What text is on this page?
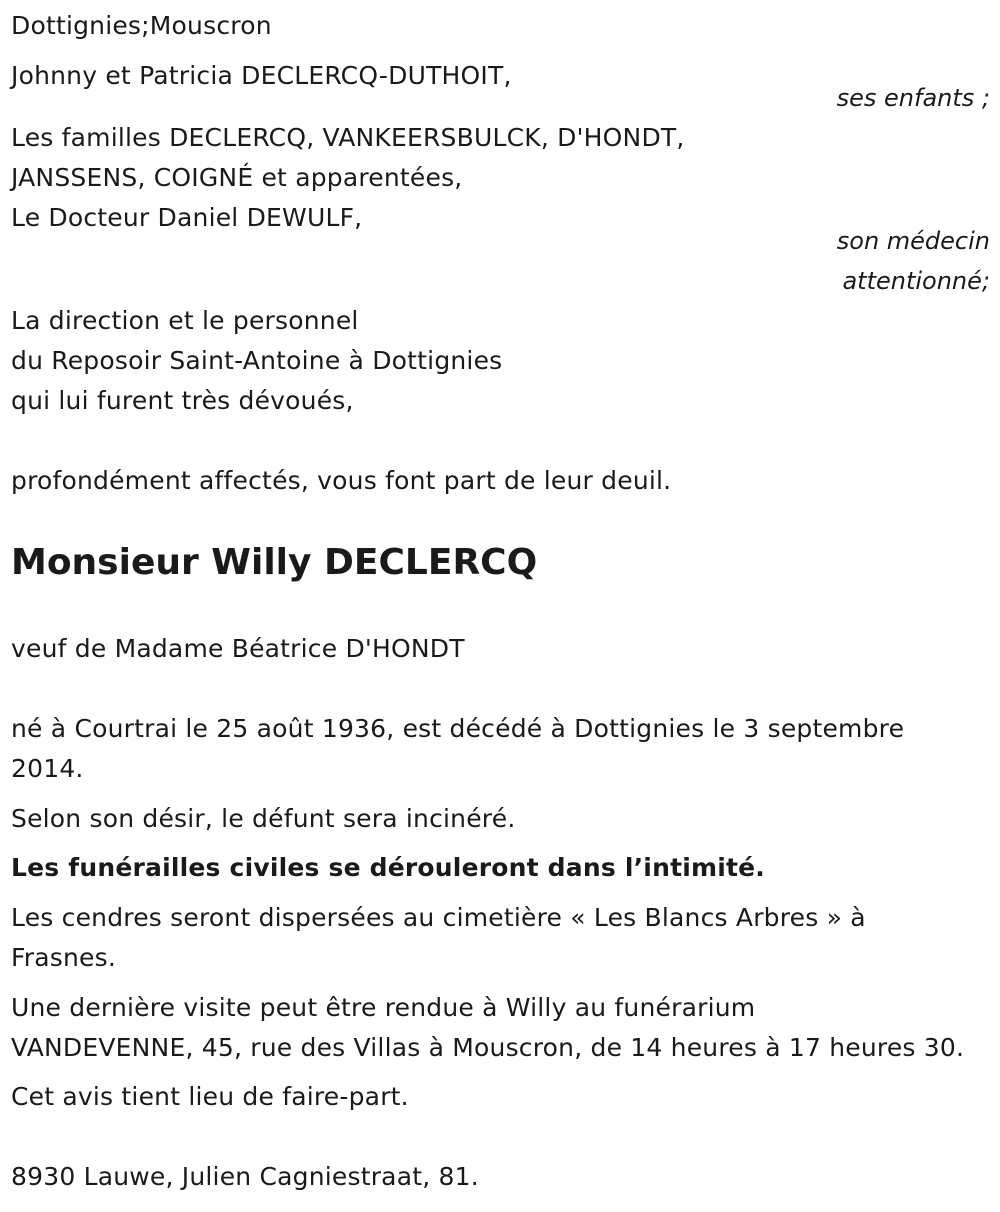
Dottignies;Mouscron
Johnny et Patricia DECLERCQ-DUTHOIT,
ses enfants ;
Les familles DECLERCQ, VANKEERSBULCK, D'HONDT,
JANSSENS, COIGNÉ et apparentées,
Le Docteur Daniel DEWULF,
son médecin
attentionné;
La direction et le personnel
du Reposoir Saint-Antoine à Dottignies
qui lui furent très dévoués,
profondément affectés, vous font part de leur deuil.
Monsieur Willy DECLERCQ
veuf de Madame Béatrice D'HONDT
né à Courtrai le 25 août 1936, est décédé à Dottignies le 3 septembre
2014.
Selon son désir, le défunt sera incinéré.
Les funérailles civiles se dérouleront dans l’intimité.
Les cendres seront dispersées au cimetière « Les Blancs Arbres » à
Frasnes.
Une dernière visite peut être rendue à Willy au funérarium
VANDEVENNE, 45, rue des Villas à Mouscron, de 14 heures à 17 heures 30.
Cet avis tient lieu de faire-part.
8930 Lauwe, Julien Cagniestraat, 81.
